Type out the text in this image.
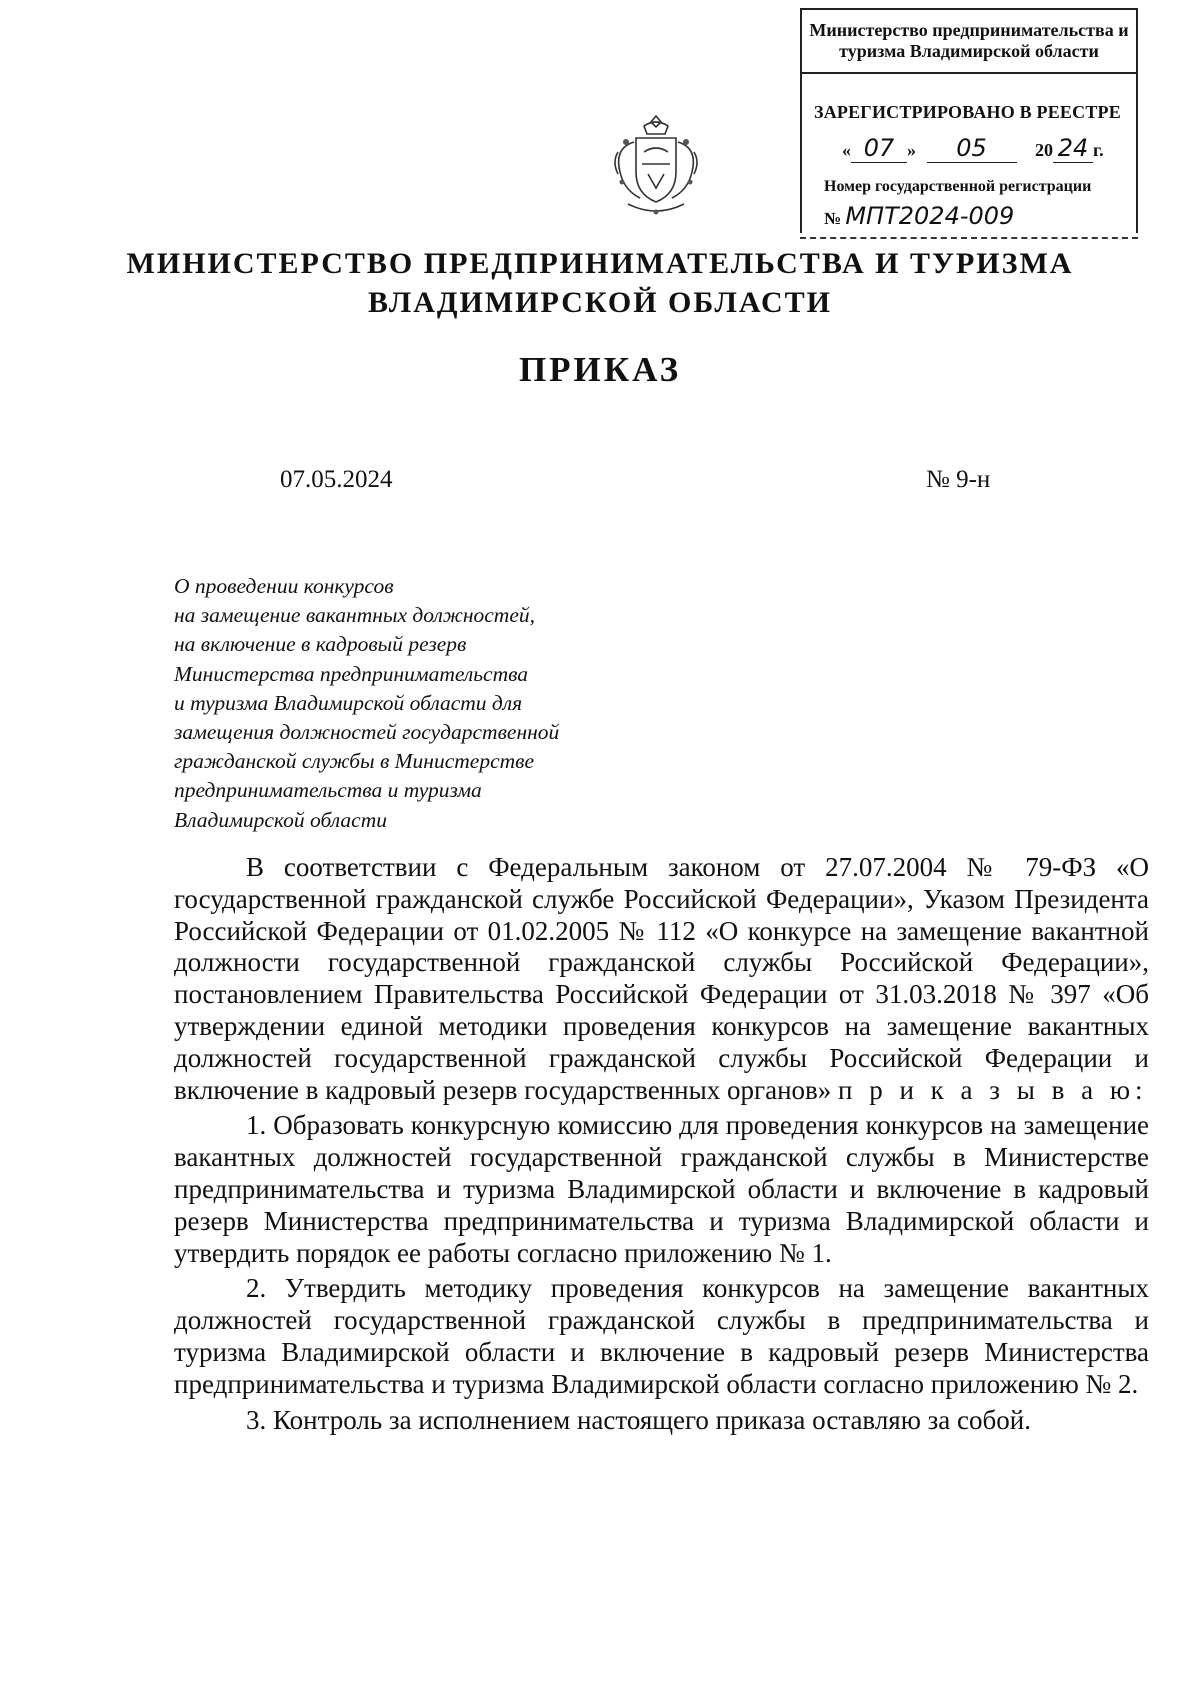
Министерство предпринимательства и туризма Владимирской области
ЗАРЕГИСТРИРОВАНО В РЕЕСТРЕ
« 07 » 05	20 24 г.
Номер государственной регистрации
№ МПТ2024-009
МИНИСТЕРСТВО ПРЕДПРИНИМАТЕЛЬСТВА И ТУРИЗМА
ВЛАДИМИРСКОЙ ОБЛАСТИ
ПРИКАЗ
07.05.2024	№ 9-н
О проведении конкурсов
на замещение вакантных должностей,
на включение в кадровый резерв
Министерства предпринимательства
и туризма Владимирской области для
замещения должностей государственной
гражданской службы в Министерстве
предпринимательства и туризма
Владимирской области

В соответствии с Федеральным законом от 27.07.2004 № 79-ФЗ «О государственной гражданской службе Российской Федерации», Указом Президента Российской Федерации от 01.02.2005 № 112 «О конкурсе на замещение вакантной должности государственной гражданской службы Российской Федерации», постановлением Правительства Российской Федерации от 31.03.2018 № 397 «Об утверждении единой методики проведения конкурсов на замещение вакантных должностей государственной гражданской службы Российской Федерации и включение в кадровый резерв государственных органов» п р и к а з ы в а ю:

1. Образовать конкурсную комиссию для проведения конкурсов на замещение вакантных должностей государственной гражданской службы в Министерстве предпринимательства и туризма Владимирской области и включение в кадровый резерв Министерства предпринимательства и туризма Владимирской области и утвердить порядок ее работы согласно приложению № 1.

2. Утвердить методику проведения конкурсов на замещение вакантных должностей государственной гражданской службы в предпринимательства и туризма Владимирской области и включение в кадровый резерв Министерства предпринимательства и туризма Владимирской области согласно приложению № 2.

3. Контроль за исполнением настоящего приказа оставляю за собой.
